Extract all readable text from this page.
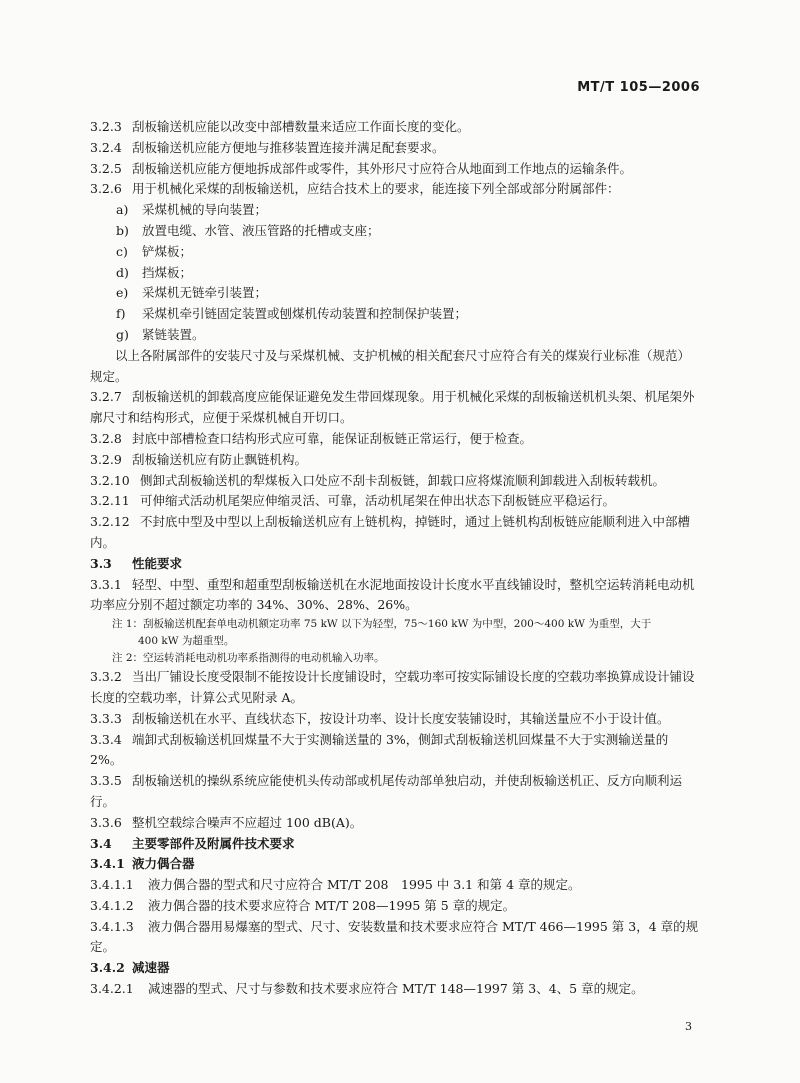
MT/T 105—2006

3.2.3 刮板输送机应能以改变中部槽数量来适应工作面长度的变化。

3.2.4 刮板输送机应能方便地与推移装置连接并满足配套要求。

3.2.5 刮板输送机应能方便地拆成部件或零件，其外形尺寸应符合从地面到工作地点的运输条件。

3.2.6 用于机械化采煤的刮板输送机，应结合技术上的要求，能连接下列全部或部分附属部件：

a) 采煤机械的导向装置；

b) 放置电缆、水管、液压管路的托槽或支座；

c) 铲煤板；

d) 挡煤板；

e) 采煤机无链牵引装置；

f) 采煤机牵引链固定装置或刨煤机传动装置和控制保护装置；

g) 紧链装置。

以上各附属部件的安装尺寸及与采煤机械、支护机械的相关配套尺寸应符合有关的煤炭行业标准（规范）规定。

3.2.7 刮板输送机的卸载高度应能保证避免发生带回煤现象。用于机械化采煤的刮板输送机机头架、机尾架外廓尺寸和结构形式，应便于采煤机械自开切口。

3.2.8 封底中部槽检查口结构形式应可靠，能保证刮板链正常运行，便于检查。

3.2.9 刮板输送机应有防止飘链机构。

3.2.10 侧卸式刮板输送机的犁煤板入口处应不刮卡刮板链，卸载口应将煤流顺利卸载进入刮板转载机。

3.2.11 可伸缩式活动机尾架应伸缩灵活、可靠，活动机尾架在伸出状态下刮板链应平稳运行。

3.2.12 不封底中型及中型以上刮板输送机应有上链机构，掉链时，通过上链机构刮板链应能顺利进入中部槽内。

3.3 性能要求

3.3.1 轻型、中型、重型和超重型刮板输送机在水泥地面按设计长度水平直线铺设时，整机空运转消耗电动机功率应分别不超过额定功率的 34%、30%、28%、26%。

注 1：刮板输送机配套单电动机额定功率 75 kW 以下为轻型，75～160 kW 为中型，200～400 kW 为重型，大于
400 kW 为超重型。
注 2：空运转消耗电动机功率系指测得的电动机输入功率。

3.3.2 当出厂铺设长度受限制不能按设计长度铺设时，空载功率可按实际铺设长度的空载功率换算成设计铺设长度的空载功率，计算公式见附录 A。

3.3.3 刮板输送机在水平、直线状态下，按设计功率、设计长度安装铺设时，其输送量应不小于设计值。

3.3.4 端卸式刮板输送机回煤量不大于实测输送量的 3%，侧卸式刮板输送机回煤量不大于实测输送量的 2%。

3.3.5 刮板输送机的操纵系统应能使机头传动部或机尾传动部单独启动，并使刮板输送机正、反方向顺利运行。

3.3.6 整机空载综合噪声不应超过 100 dB(A)。

3.4 主要零部件及附属件技术要求

3.4.1 液力偶合器

3.4.1.1 液力偶合器的型式和尺寸应符合 MT/T 208　1995 中 3.1 和第 4 章的规定。

3.4.1.2 液力偶合器的技术要求应符合 MT/T 208—1995 第 5 章的规定。

3.4.1.3 液力偶合器用易爆塞的型式、尺寸、安装数量和技术要求应符合 MT/T 466—1995 第 3，4 章的规定。

3.4.2 减速器

3.4.2.1 减速器的型式、尺寸与参数和技术要求应符合 MT/T 148—1997 第 3、4、5 章的规定。

3
